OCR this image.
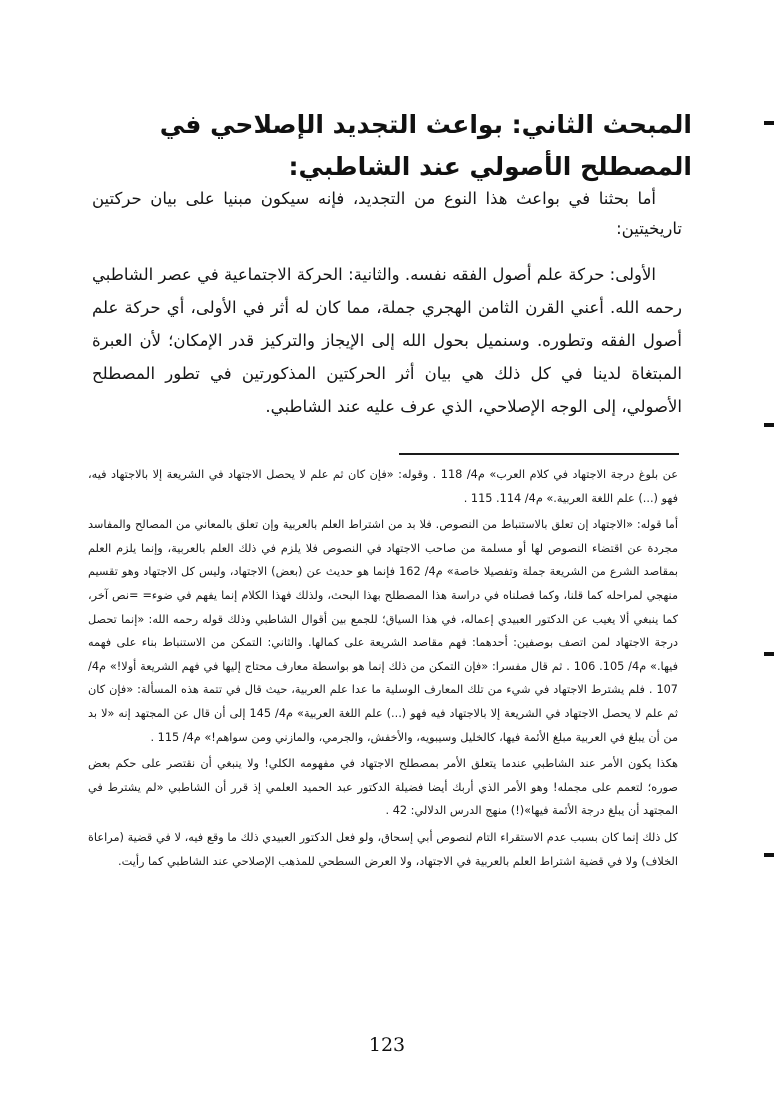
المبحث الثاني: بواعث التجديد الإصلاحي في المصطلح الأصولي عند الشاطبي:

أما بحثنا في بواعث هذا النوع من التجديد، فإنه سيكون مبنيا على بيان حركتين تاريخيتين:

الأولى: حركة علم أصول الفقه نفسه. والثانية: الحركة الاجتماعية في عصر الشاطبي رحمه الله. أعني القرن الثامن الهجري جملة، مما كان له أثر في الأولى، أي حركة علم أصول الفقه وتطوره. وسنميل بحول الله إلى الإيجاز والتركيز قدر الإمكان؛ لأن العبرة المبتغاة لدينا في كل ذلك هي بيان أثر الحركتين المذكورتين في تطور المصطلح الأصولي، إلى الوجه الإصلاحي، الذي عرف عليه عند الشاطبي.

عن بلوغ درجة الاجتهاد في كلام العرب» م4/ 118 . وقوله: «فإن كان ثم علم لا يحصل الاجتهاد في الشريعة إلا بالاجتهاد فيه، فهو (...) علم اللغة العربية.» م4/ 114. 115 .

أما قوله: «الاجتهاد إن تعلق بالاستنباط من النصوص. فلا بد من اشتراط العلم بالعربية وإن تعلق بالمعاني من المصالح والمفاسد مجردة عن اقتضاء النصوص لها أو مسلمة من صاحب الاجتهاد في النصوص فلا يلزم في ذلك العلم بالعربية، وإنما يلزم العلم بمقاصد الشرع من الشريعة جملة وتفصيلا خاصة» م4/ 162 فإنما هو حديث عن (بعض) الاجتهاد، وليس كل الاجتهاد وهو تقسيم منهجي لمراحله كما قلنا، وكما فصلناه في دراسة هذا المصطلح بهذا البحث، ولذلك فهذا الكلام إنما يفهم في ضوء= =نص آخر، كما ينبغي ألا يغيب عن الدكتور العبيدي إعماله، في هذا السياق؛ للجمع بين أقوال الشاطبي وذلك قوله رحمه الله: «إنما تحصل درجة الاجتهاد لمن اتصف بوصفين: أحدهما: فهم مقاصد الشريعة على كمالها. والثاني: التمكن من الاستنباط بناء على فهمه فيها.» م4/ 105. 106 . ثم قال مفسرا: «فإن التمكن من ذلك إنما هو بواسطة معارف محتاج إليها في فهم الشريعة أولا!» م4/ 107 . فلم يشترط الاجتهاد في شيء من تلك المعارف الوسلية ما عدا علم العربية، حيث قال في تتمة هذه المسألة: «فإن كان ثم علم لا يحصل الاجتهاد في الشريعة إلا بالاجتهاد فيه فهو (...) علم اللغة العربية» م4/ 145 إلى أن قال عن المجتهد إنه «لا بد من أن يبلغ في العربية مبلغ الأئمة فيها، كالخليل وسيبويه، والأخفش، والجرمي، والمازني ومن سواهم!» م4/ 115 .

هكذا يكون الأمر عند الشاطبي عندما يتعلق الأمر بمصطلح الاجتهاد في مفهومه الكلي! ولا ينبغي أن نقتصر على حكم بعض صوره؛ لتعمم على مجمله! وهو الأمر الذي أربك أيضا فضيلة الدكتور عبد الحميد العلمي إذ قرر أن الشاطبي «لم يشترط في المجتهد أن يبلغ درجة الأئمة فيها»(!) منهج الدرس الدلالي: 42 .

كل ذلك إنما كان بسبب عدم الاستقراء التام لنصوص أبي إسحاق، ولو فعل الدكتور العبيدي ذلك ما وقع فيه، لا في قضية (مراعاة الخلاف) ولا في قضية اشتراط العلم بالعربية في الاجتهاد، ولا العرض السطحي للمذهب الإصلاحي عند الشاطبي كما رأيت.

123
